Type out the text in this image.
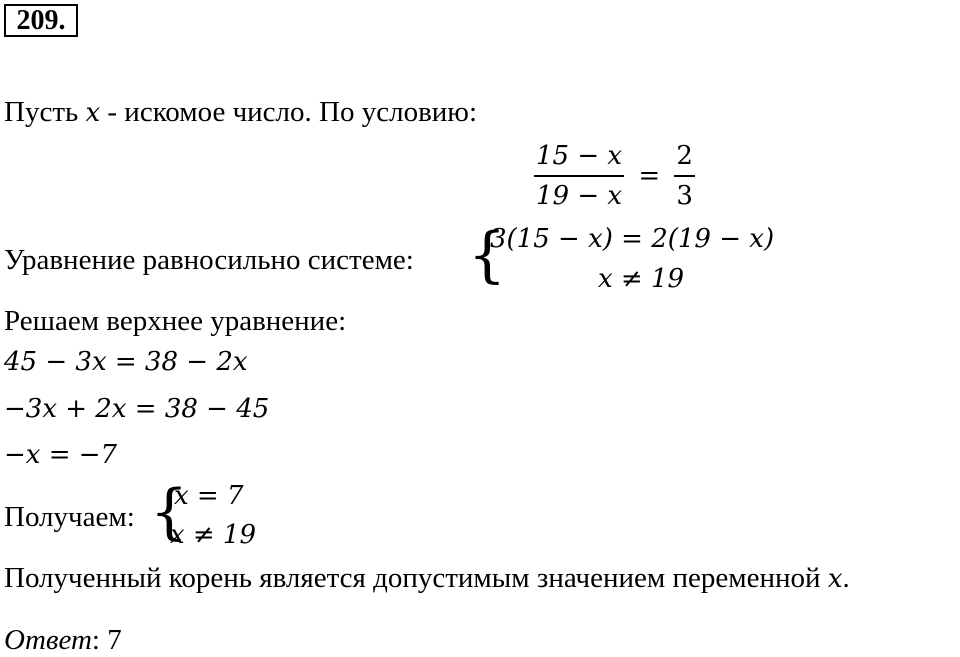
209.
Пусть x - искомое число. По условию:
$\frac{15 - x}{19 - x} = \frac{2}{3}$
Уравнение равносильно системе: {
3(15 − x) = 2(19 − x)
x ≠ 19
Решаем верхнее уравнение:
45 − 3x = 38 − 2x
−3x + 2x = 38 − 45
−x = −7
Получаем: {
x = 7
x ≠ 19
Полученный корень является допустимым значением переменной x.
Ответ: 7
